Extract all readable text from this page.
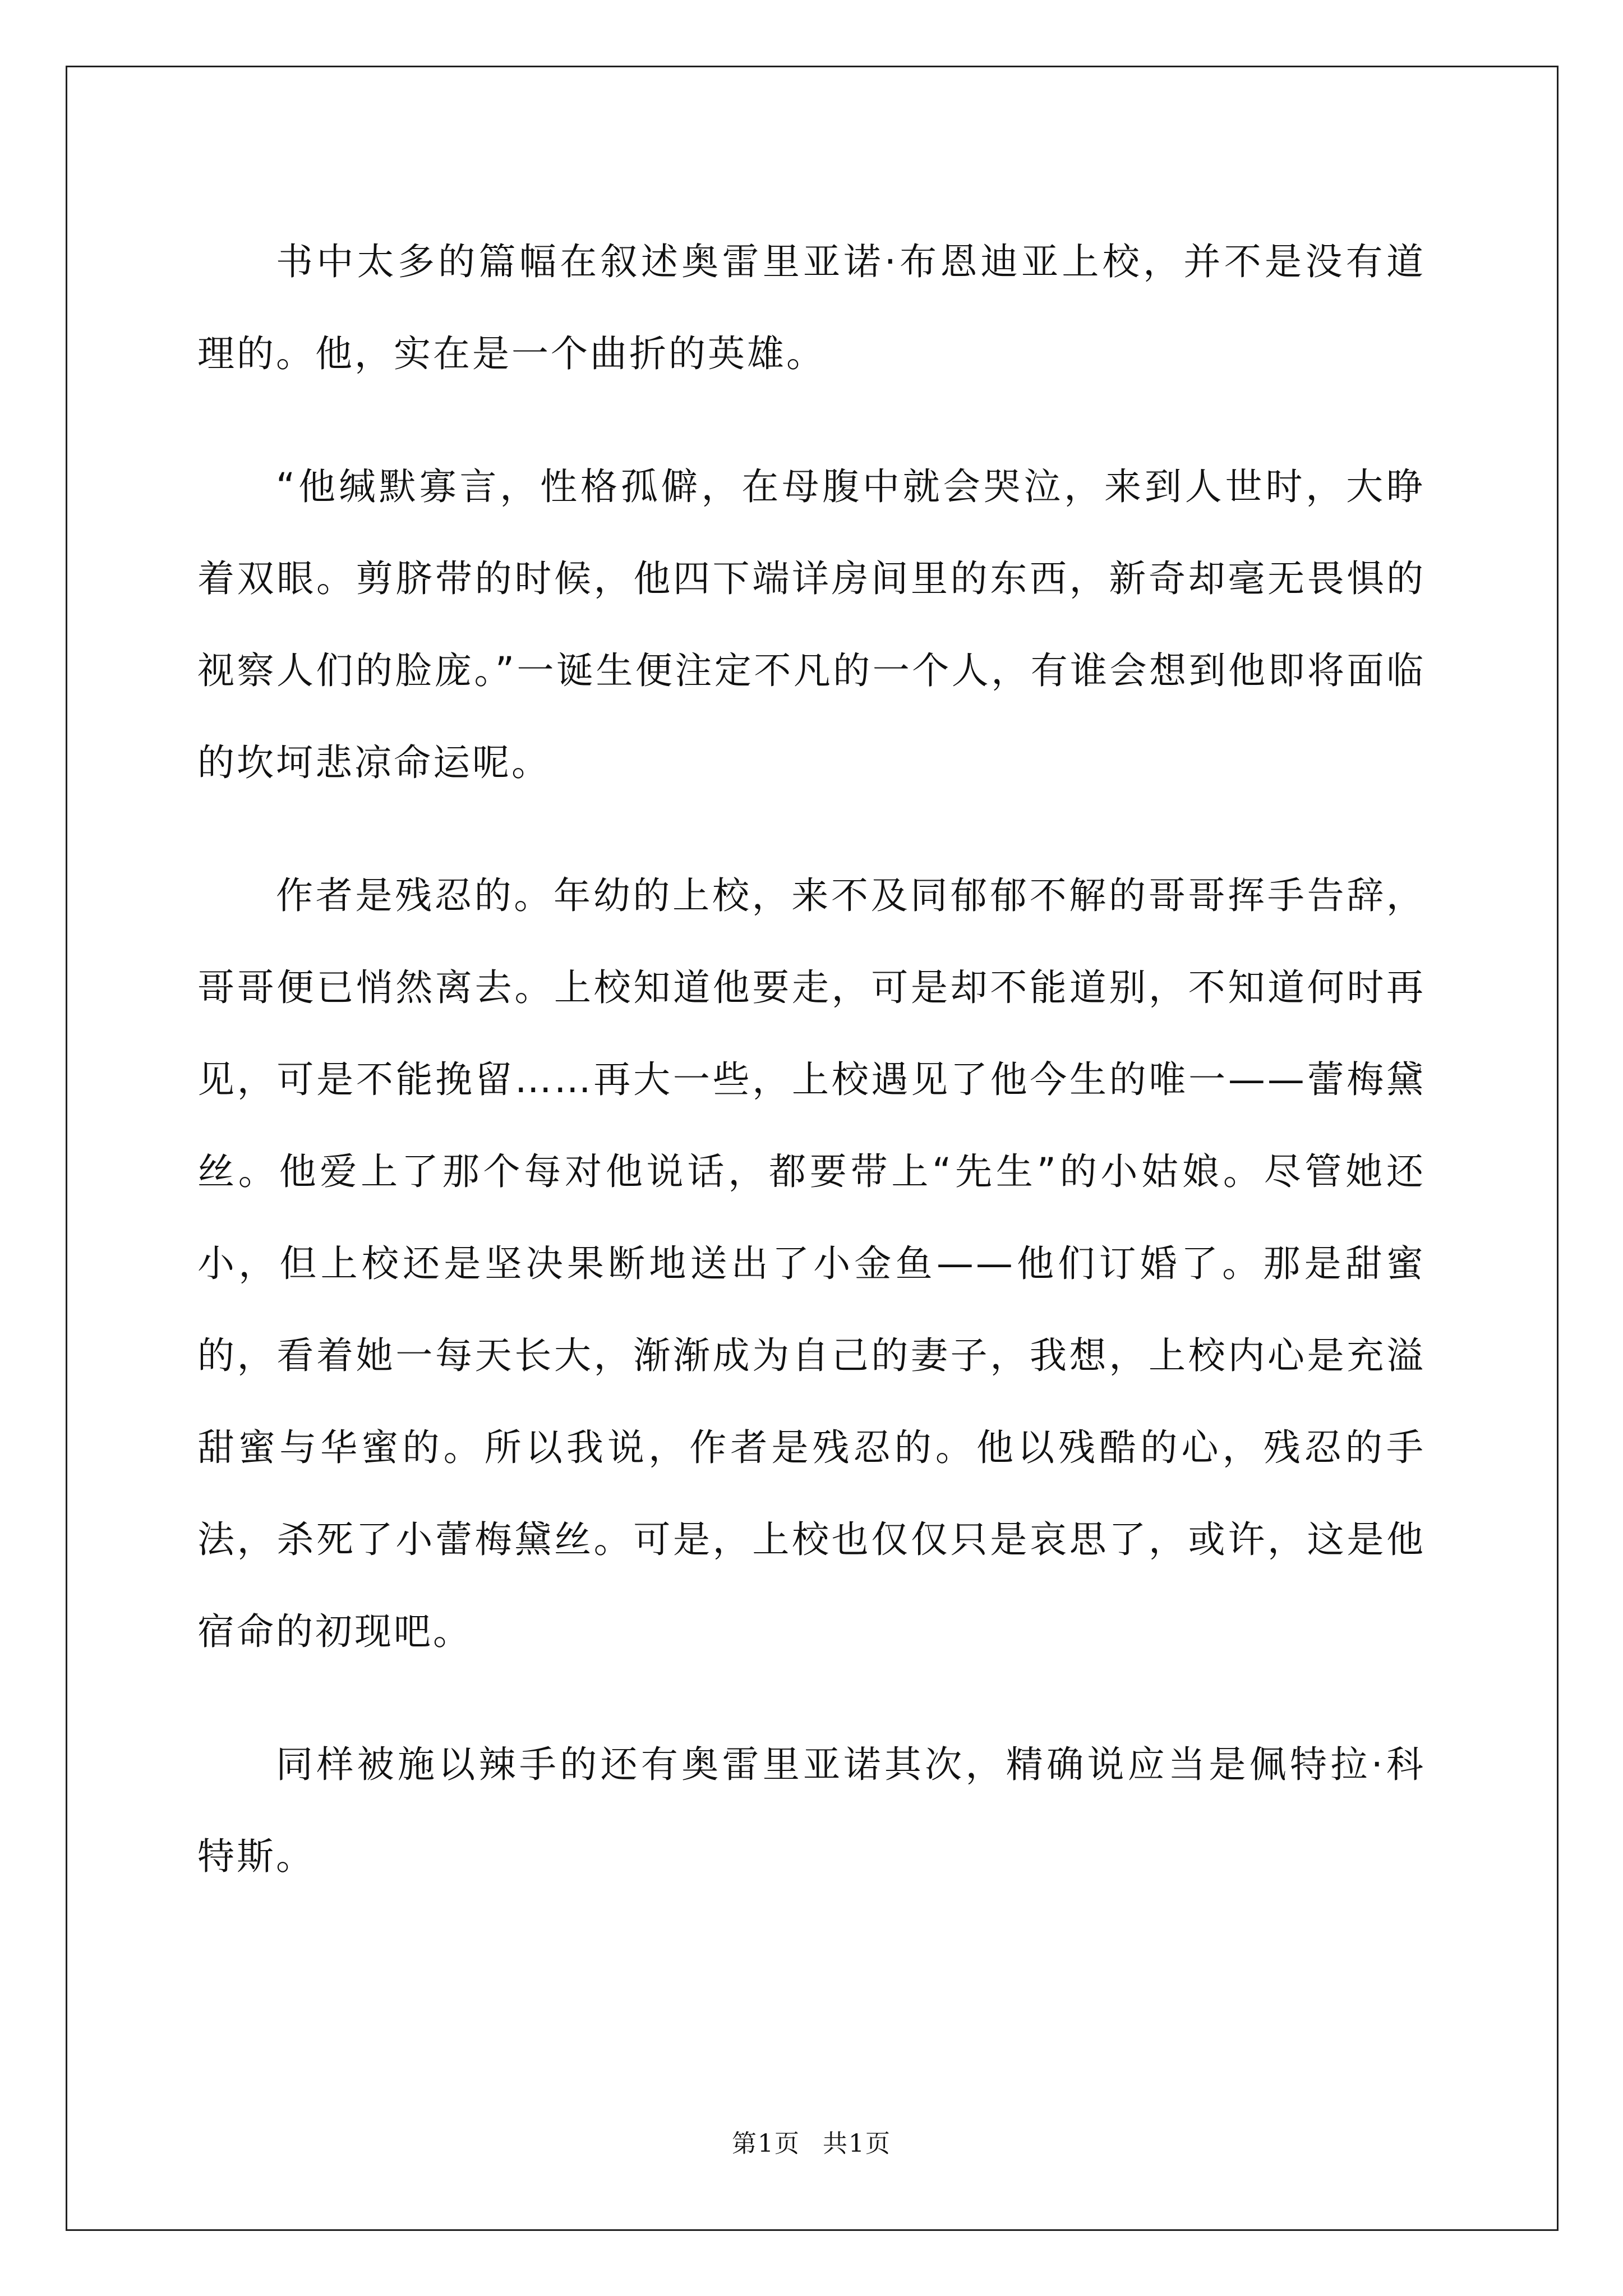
书中太多的篇幅在叙述奥雷里亚诺·布恩迪亚上校，并不是没有道理的。他，实在是一个曲折的英雄。

“他缄默寡言，性格孤僻，在母腹中就会哭泣，来到人世时，大睁着双眼。剪脐带的时候，他四下端详房间里的东西，新奇却毫无畏惧的视察人们的脸庞。”一诞生便注定不凡的一个人，有谁会想到他即将面临的坎坷悲凉命运呢。

作者是残忍的。年幼的上校，来不及同郁郁不解的哥哥挥手告辞，哥哥便已悄然离去。上校知道他要走，可是却不能道别，不知道何时再见，可是不能挽留……再大一些，上校遇见了他今生的唯一——蕾梅黛丝。他爱上了那个每对他说话，都要带上“先生”的小姑娘。尽管她还小，但上校还是坚决果断地送出了小金鱼——他们订婚了。那是甜蜜的，看着她一每天长大，渐渐成为自己的妻子，我想，上校内心是充溢甜蜜与华蜜的。所以我说，作者是残忍的。他以残酷的心，残忍的手法，杀死了小蕾梅黛丝。可是，上校也仅仅只是哀思了，或许，这是他宿命的初现吧。

同样被施以辣手的还有奥雷里亚诺其次，精确说应当是佩特拉·科特斯。

第1页 共1页
